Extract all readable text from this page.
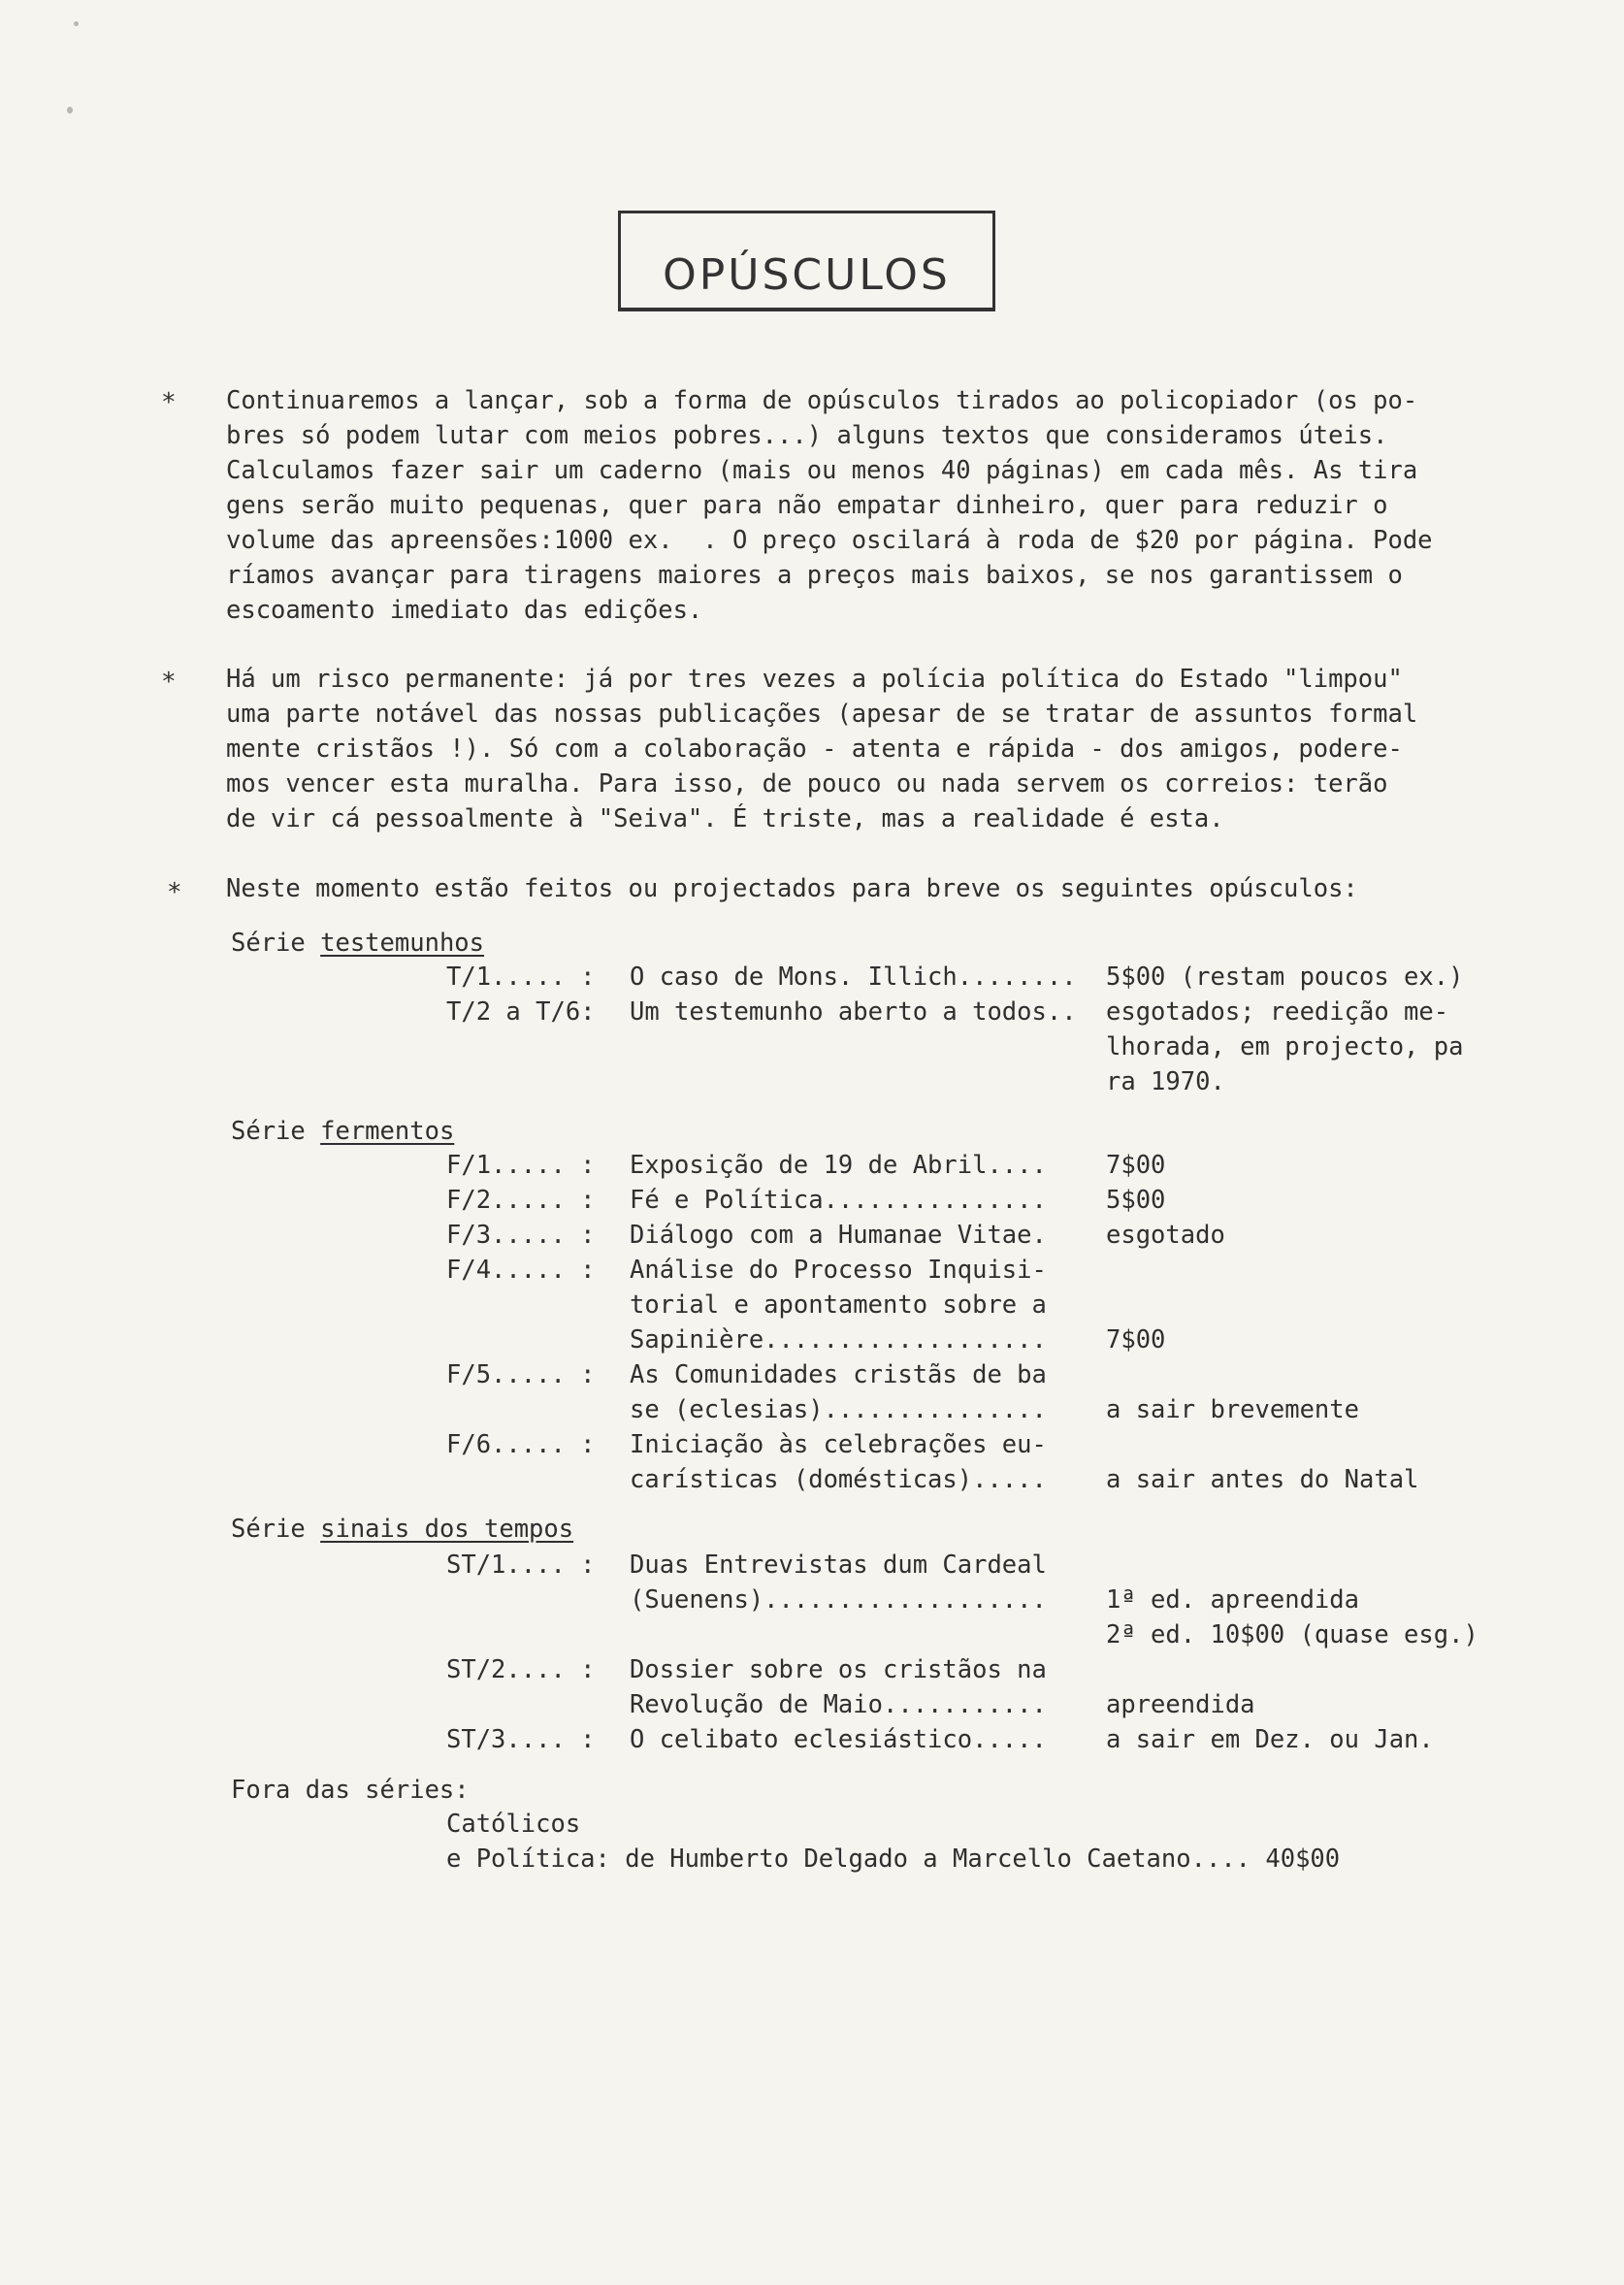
OPÚSCULOS
* Continuaremos a lançar, sob a forma de opúsculos tirados ao policopiador (os po-
bres só podem lutar com meios pobres...) alguns textos que consideramos úteis.
Calculamos fazer sair um caderno (mais ou menos 40 páginas) em cada mês. As tira
gens serão muito pequenas, quer para não empatar dinheiro, quer para reduzir o
volume das apreensões:1000 ex.  . O preço oscilará à roda de $20 por página. Pode
ríamos avançar para tiragens maiores a preços mais baixos, se nos garantissem o
escoamento imediato das edições.
* Há um risco permanente: já por tres vezes a polícia política do Estado "limpou"
uma parte notável das nossas publicações (apesar de se tratar de assuntos formal
mente cristãos !). Só com a colaboração - atenta e rápida - dos amigos, podere-
mos vencer esta muralha. Para isso, de pouco ou nada servem os correios: terão
de vir cá pessoalmente à "Seiva". É triste, mas a realidade é esta.
* Neste momento estão feitos ou projectados para breve os seguintes opúsculos:
Série testemunhos
T/1..... : O caso de Mons. Illich........ 5$00 (restam poucos ex.)
T/2 a T/6: Um testemunho aberto a todos.. esgotados; reedição me-
lhorada, em projecto, pa
ra 1970.
Série fermentos
F/1..... : Exposição de 19 de Abril.... 7$00
F/2..... : Fé e Política............... 5$00
F/3..... : Diálogo com a Humanae Vitae. esgotado
F/4..... : Análise do Processo Inquisi-
torial e apontamento sobre a
Sapinière................... 7$00
F/5..... : As Comunidades cristãs de ba
se (eclesias)............... a sair brevemente
F/6..... : Iniciação às celebrações eu-
carísticas (domésticas)..... a sair antes do Natal
Série sinais dos tempos
ST/1.... : Duas Entrevistas dum Cardeal
(Suenens)................... 1ª ed. apreendida
2ª ed. 10$00 (quase esg.)
ST/2.... : Dossier sobre os cristãos na
Revolução de Maio........... apreendida
ST/3.... : O celibato eclesiástico..... a sair em Dez. ou Jan.
Fora das séries:
Católicos
e Política: de Humberto Delgado a Marcello Caetano.... 40$00
